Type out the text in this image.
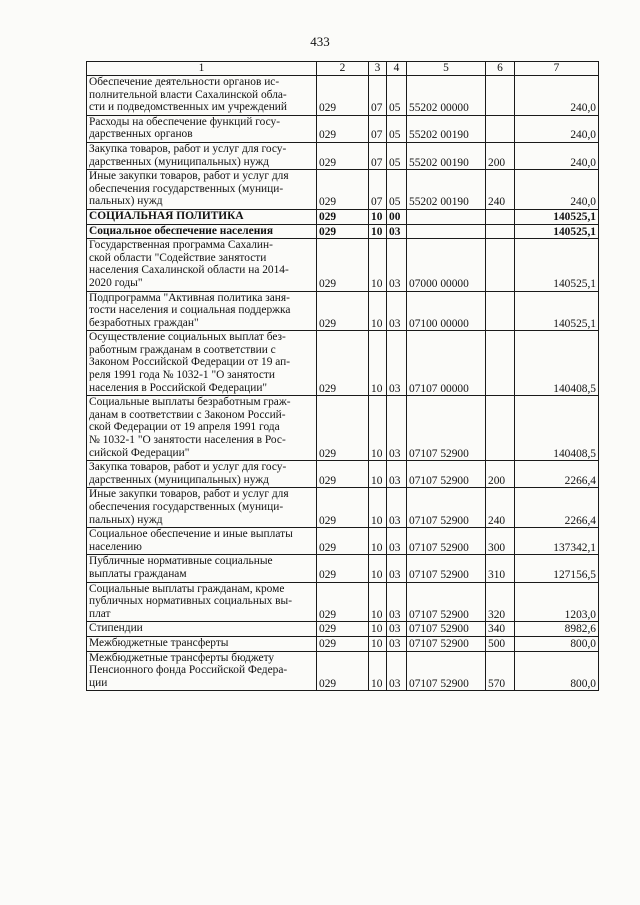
433
1	2	3	4	5	6	7

Обеспечение деятельности органов ис-
полнительной власти Сахалинской обла-
сти и подведомственных им учреждений	029	07	05	55202 00000		240,0

Расходы на обеспечение функций госу-
дарственных органов	029	07	05	55202 00190		240,0

Закупка товаров, работ и услуг для госу-
дарственных (муниципальных) нужд	029	07	05	55202 00190	200	240,0

Иные закупки товаров, работ и услуг для
обеспечения государственных (муници-
пальных) нужд	029	07	05	55202 00190	240	240,0

СОЦИАЛЬНАЯ ПОЛИТИКА	029	10	00			140525,1

Социальное обеспечение населения	029	10	03			140525,1

Государственная программа Сахалин-
ской области "Содействие занятости
населения Сахалинской области на 2014-
2020 годы"	029	10	03	07000 00000		140525,1

Подпрограмма "Активная политика заня-
тости населения и социальная поддержка
безработных граждан"	029	10	03	07100 00000		140525,1

Осуществление социальных выплат без-
работным гражданам в соответствии с
Законом Российской Федерации от 19 ап-
реля 1991 года № 1032-1 "О занятости
населения в Российской Федерации"	029	10	03	07107 00000		140408,5

Социальные выплаты безработным граж-
данам в соответствии с Законом Россий-
ской Федерации от 19 апреля 1991 года
№ 1032-1 "О занятости населения в Рос-
сийской Федерации"	029	10	03	07107 52900		140408,5

Закупка товаров, работ и услуг для госу-
дарственных (муниципальных) нужд	029	10	03	07107 52900	200	2266,4

Иные закупки товаров, работ и услуг для
обеспечения государственных (муници-
пальных) нужд	029	10	03	07107 52900	240	2266,4

Социальное обеспечение и иные выплаты
населению	029	10	03	07107 52900	300	137342,1

Публичные нормативные социальные
выплаты гражданам	029	10	03	07107 52900	310	127156,5

Социальные выплаты гражданам, кроме
публичных нормативных социальных вы-
плат	029	10	03	07107 52900	320	1203,0

Стипендии	029	10	03	07107 52900	340	8982,6

Межбюджетные трансферты	029	10	03	07107 52900	500	800,0

Межбюджетные трансферты бюджету
Пенсионного фонда Российской Федера-
ции	029	10	03	07107 52900	570	800,0
